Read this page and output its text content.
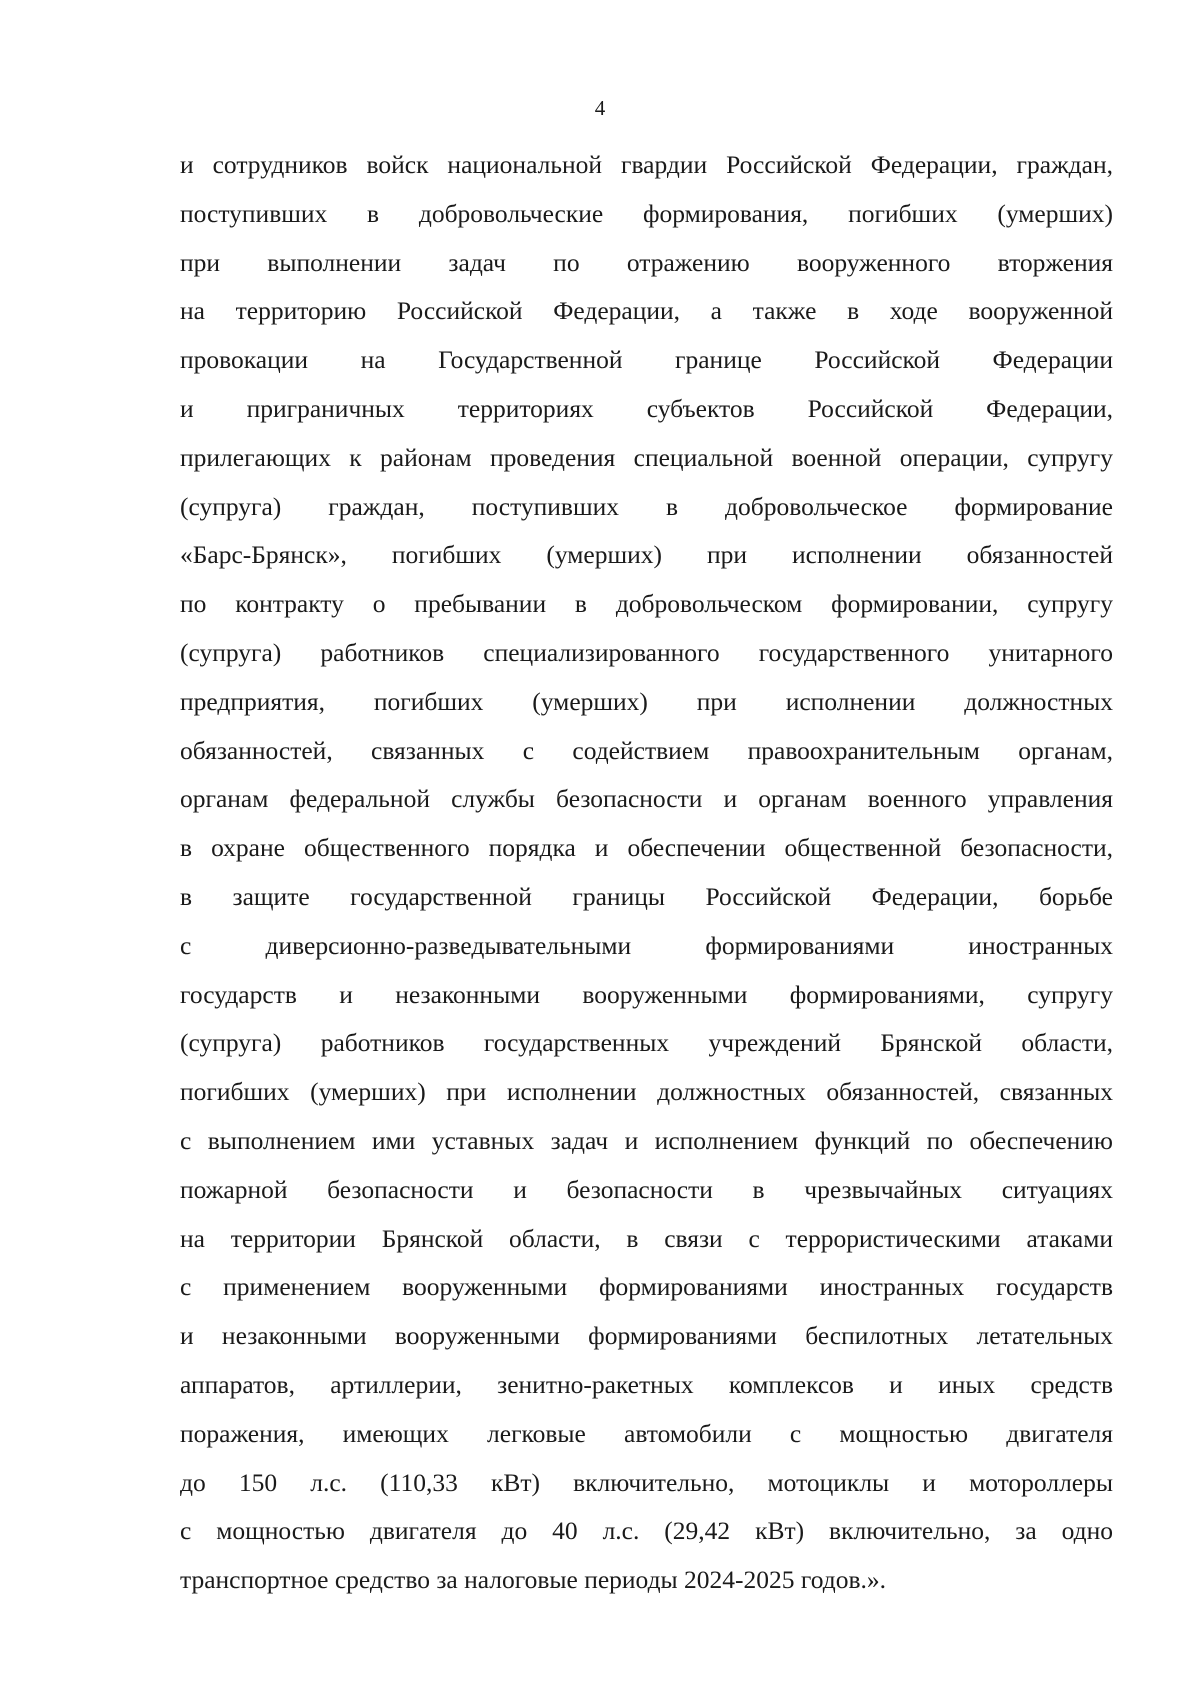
4

и сотрудников войск национальной гвардии Российской Федерации, граждан,
поступивших в добровольческие формирования, погибших (умерших)
при выполнении задач по отражению вооруженного вторжения
на территорию Российской Федерации, а также в ходе вооруженной
провокации на Государственной границе Российской Федерации
и приграничных территориях субъектов Российской Федерации,
прилегающих к районам проведения специальной военной операции, супругу
(супруга) граждан, поступивших в добровольческое формирование
«Барс-Брянск», погибших (умерших) при исполнении обязанностей
по контракту о пребывании в добровольческом формировании, супругу
(супруга) работников специализированного государственного унитарного
предприятия, погибших (умерших) при исполнении должностных
обязанностей, связанных с содействием правоохранительным органам,
органам федеральной службы безопасности и органам военного управления
в охране общественного порядка и обеспечении общественной безопасности,
в защите государственной границы Российской Федерации, борьбе
с диверсионно-разведывательными формированиями иностранных
государств и незаконными вооруженными формированиями, супругу
(супруга) работников государственных учреждений Брянской области,
погибших (умерших) при исполнении должностных обязанностей, связанных
с выполнением ими уставных задач и исполнением функций по обеспечению
пожарной безопасности и безопасности в чрезвычайных ситуациях
на территории Брянской области, в связи с террористическими атаками
с применением вооруженными формированиями иностранных государств
и незаконными вооруженными формированиями беспилотных летательных
аппаратов, артиллерии, зенитно-ракетных комплексов и иных средств
поражения, имеющих легковые автомобили с мощностью двигателя
до 150 л.с. (110,33 кВт) включительно, мотоциклы и мотороллеры
с мощностью двигателя до 40 л.с. (29,42 кВт) включительно, за одно
транспортное средство за налоговые периоды 2024-2025 годов.».
